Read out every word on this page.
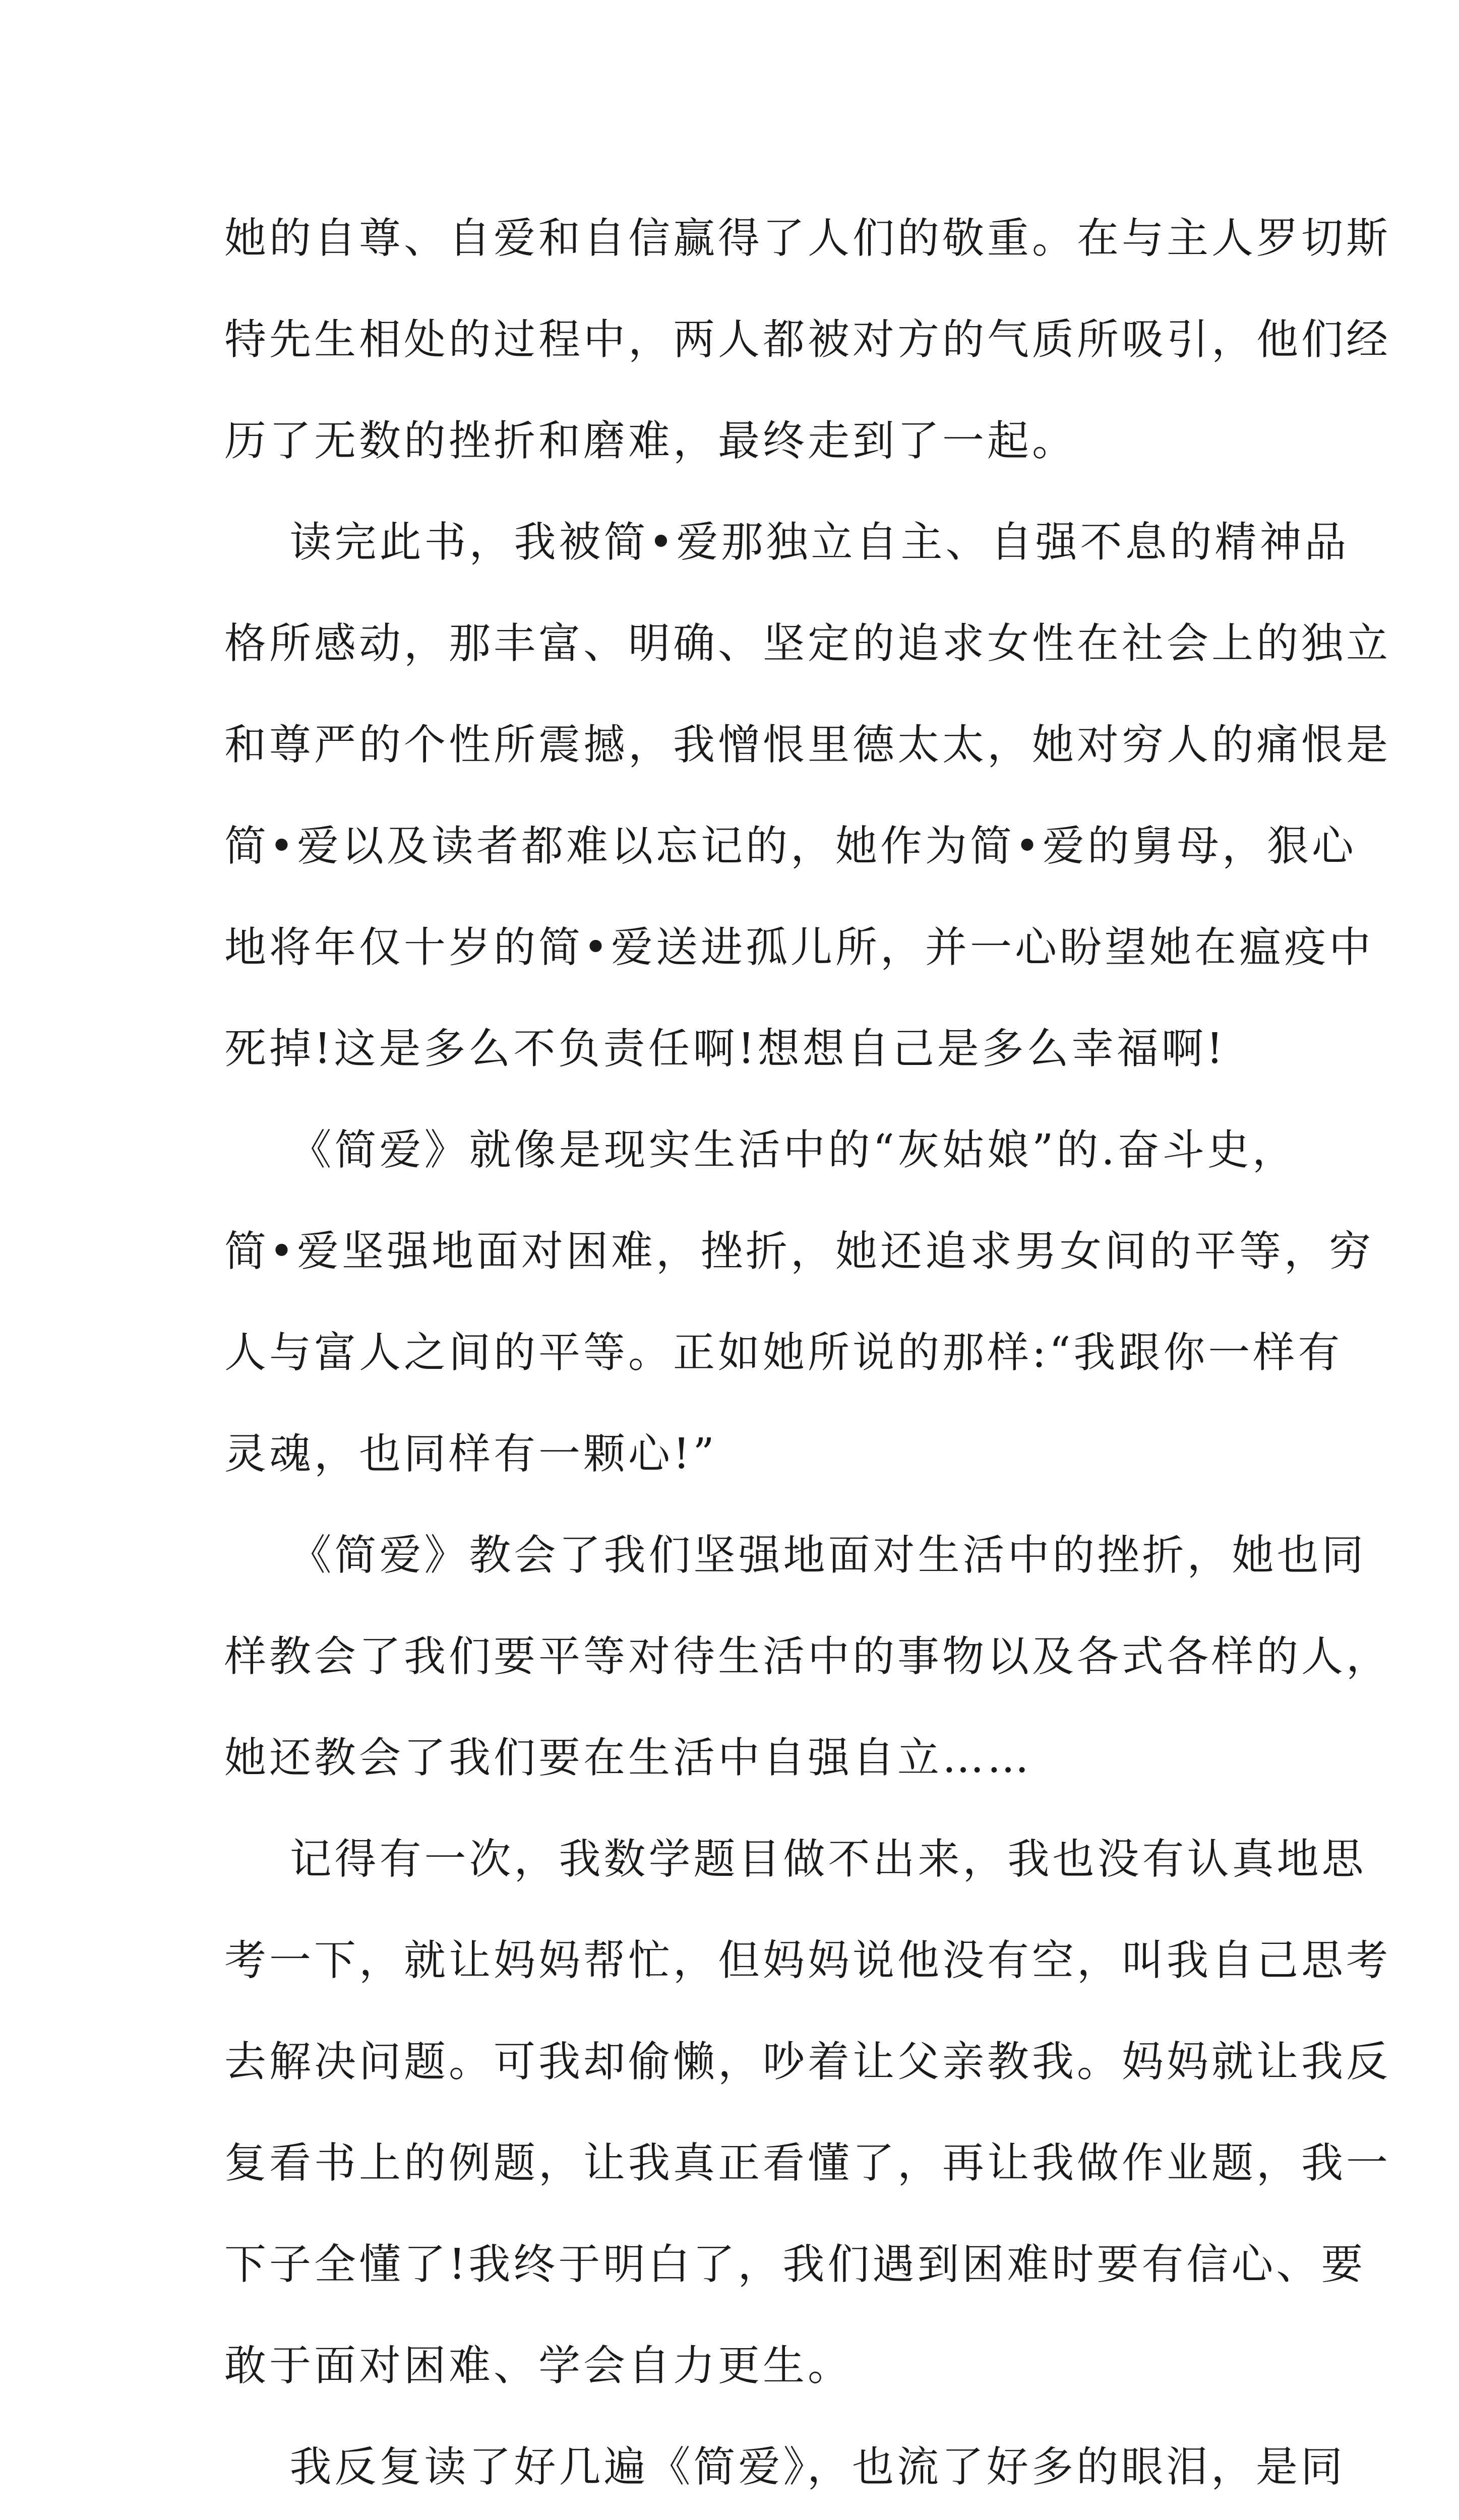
她的自尊、自爱和自信赢得了人们的敬重。在与主人罗切斯
特先生相处的过程中，两人都被对方的气质所吸引，他们经
历了无数的挫折和磨难，最终走到了一起。
读完此书，我被简•爱那独立自主、自强不息的精神品
格所感动，那丰富、明确、坚定的追求女性在社会上的独立
和尊严的个性所震撼，我憎恨里德太太，她对穷人的痛恨是
简•爱以及读者都难以忘记的，她作为简•爱的舅母，狠心
地将年仅十岁的简•爱送进孤儿所，并一心盼望她在瘟疫中
死掉!这是多么不负责任啊!想想自己是多么幸福啊!
《简爱》就像是现实生活中的“灰姑娘”的.奋斗史，
简•爱坚强地面对困难，挫折，她还追求男女间的平等，穷
人与富人之间的平等。正如她所说的那样:“我跟你一样有
灵魂，也同样有一颗心!”
《简爱》教会了我们坚强地面对生活中的挫折，她也同
样教会了我们要平等对待生活中的事物以及各式各样的人，
她还教会了我们要在生活中自强自立……
记得有一次，我数学题目做不出来，我也没有认真地思
考一下，就让妈妈帮忙，但妈妈说他没有空，叫我自己思考
去解决问题。可我却偷懒，吵着让父亲教我。妈妈就让我反
复看书上的例题，让我真正看懂了，再让我做作业题，我一
下子全懂了!我终于明白了，我们遇到困难时要有信心、要
敢于面对困难、学会自力更生。
我反复读了好几遍《简爱》，也流了好多的眼泪，是同
